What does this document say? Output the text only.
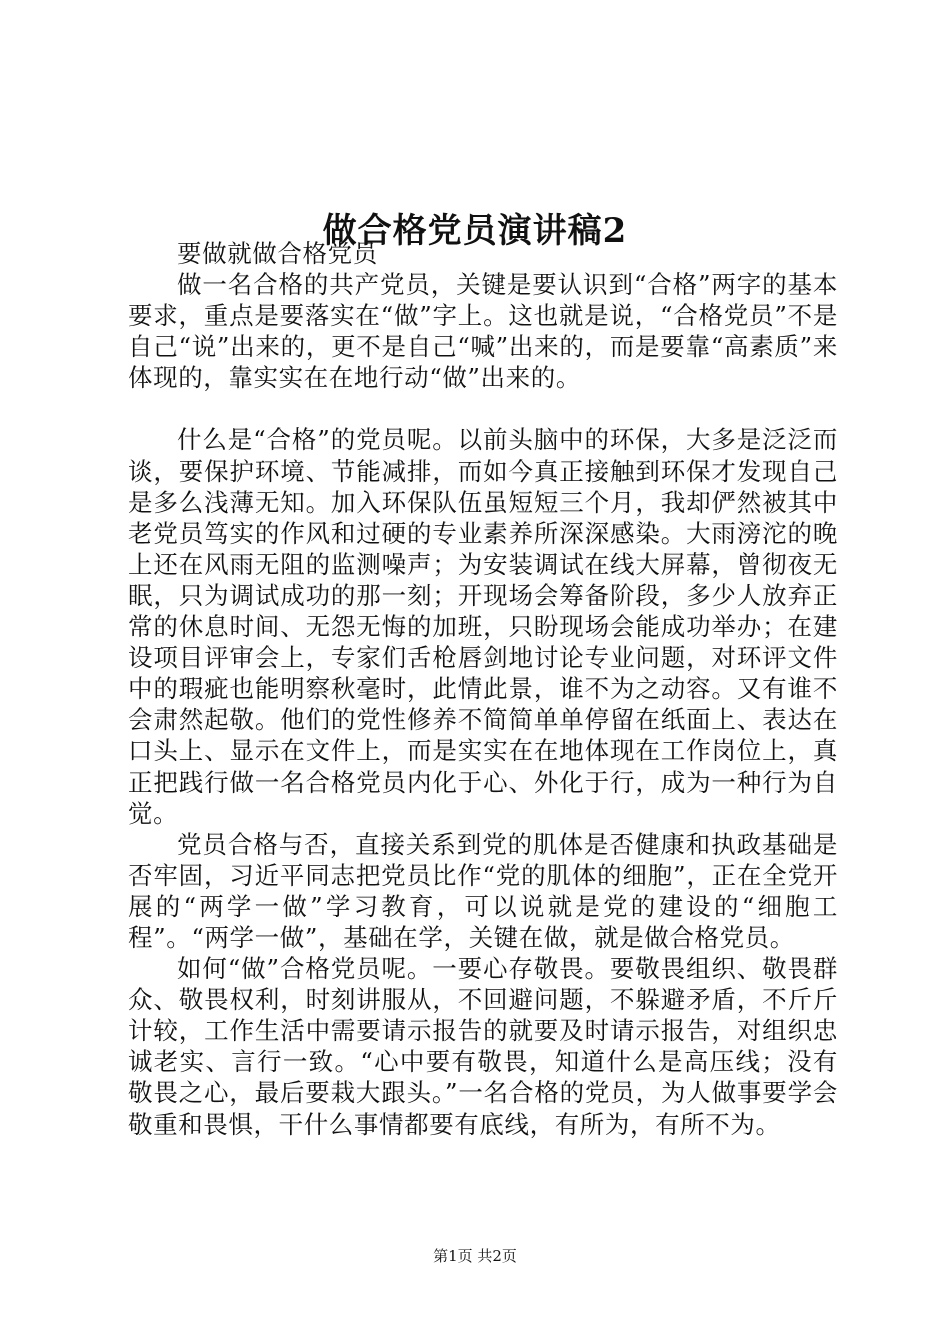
做合格党员演讲稿2

要做就做合格党员

做一名合格的共产党员，关键是要认识到“合格”两字的基本要求，重点是要落实在“做”字上。这也就是说，“合格党员”不是自己“说”出来的，更不是自己“喊”出来的，而是要靠“高素质”来体现的，靠实实在在地行动“做”出来的。

什么是“合格”的党员呢。以前头脑中的环保，大多是泛泛而谈，要保护环境、节能减排，而如今真正接触到环保才发现自己是多么浅薄无知。加入环保队伍虽短短三个月，我却俨然被其中老党员笃实的作风和过硬的专业素养所深深感染。大雨滂沱的晚上还在风雨无阻的监测噪声；为安装调试在线大屏幕，曾彻夜无眠，只为调试成功的那一刻；开现场会筹备阶段，多少人放弃正常的休息时间、无怨无悔的加班，只盼现场会能成功举办；在建设项目评审会上，专家们舌枪唇剑地讨论专业问题，对环评文件中的瑕疵也能明察秋毫时，此情此景，谁不为之动容。又有谁不会肃然起敬。他们的党性修养不简简单单停留在纸面上、表达在口头上、显示在文件上，而是实实在在地体现在工作岗位上，真正把践行做一名合格党员内化于心、外化于行，成为一种行为自觉。

党员合格与否，直接关系到党的肌体是否健康和执政基础是否牢固，习近平同志把党员比作“党的肌体的细胞”，正在全党开展的“两学一做”学习教育，可以说就是党的建设的“细胞工程”。“两学一做”，基础在学，关键在做，就是做合格党员。

如何“做”合格党员呢。一要心存敬畏。要敬畏组织、敬畏群众、敬畏权利，时刻讲服从，不回避问题，不躲避矛盾，不斤斤计较，工作生活中需要请示报告的就要及时请示报告，对组织忠诚老实、言行一致。“心中要有敬畏，知道什么是高压线；没有敬畏之心，最后要栽大跟头。”一名合格的党员，为人做事要学会敬重和畏惧，干什么事情都要有底线，有所为，有所不为。

第1页 共2页
